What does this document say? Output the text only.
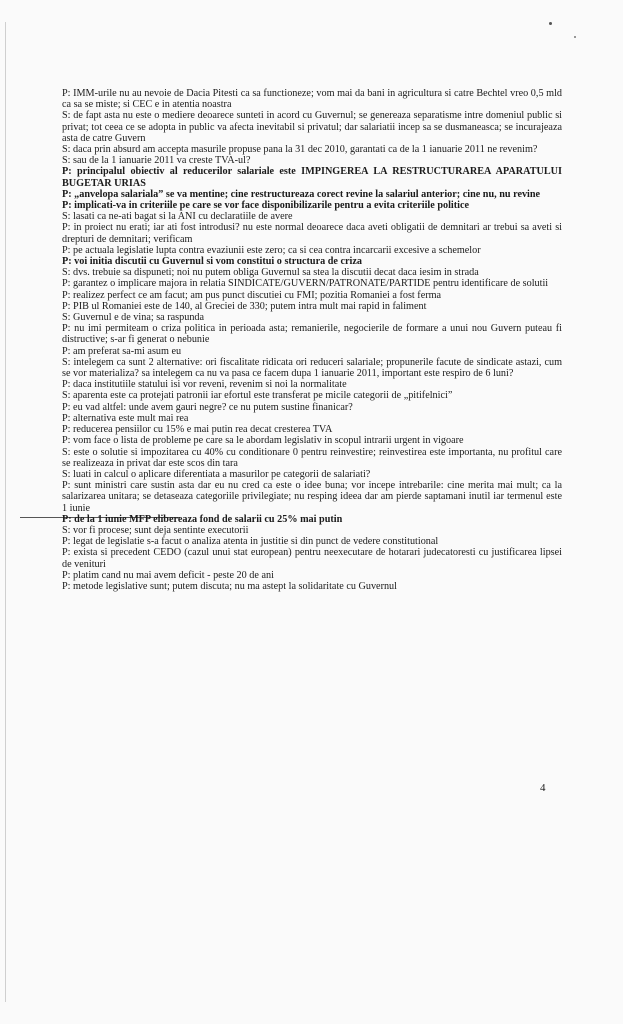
P: IMM-urile nu au nevoie de Dacia Pitesti ca sa functioneze; vom mai da bani in agricultura si catre Bechtel vreo 0,5 mld ca sa se miste; si CEC e in atentia noastra
S: de fapt asta nu este o mediere deoarece sunteti in acord cu Guvernul; se genereaza separatisme intre domeniul public si privat; tot ceea ce se adopta in public va afecta inevitabil si privatul; dar salariatii incep sa se dusmaneasca; se incurajeaza asta de catre Guvern
S: daca prin absurd am accepta masurile propuse pana la 31 dec 2010, garantati ca de la 1 ianuarie 2011 ne revenim?
S: sau de la 1 ianuarie 2011 va creste TVA-ul?
P: principalul obiectiv al reducerilor salariale este IMPINGEREA LA RESTRUCTURAREA APARATULUI BUGETAR URIAS
P: „anvelopa salariala” se va mentine; cine restructureaza corect revine la salariul anterior; cine nu, nu revine
P: implicati-va in criteriile pe care se vor face disponibilizarile pentru a evita criteriile politice
S: lasati ca ne-ati bagat si la ANI cu declaratiile de avere
P: in proiect nu erati; iar ati fost introdusi? nu este normal deoarece daca aveti obligatii de demnitari ar trebui sa aveti si drepturi de demnitari; verificam
P: pe actuala legislatie lupta contra evaziunii este zero; ca si cea contra incarcarii excesive a schemelor
P: voi initia discutii cu Guvernul si vom constitui o structura de criza
S: dvs. trebuie sa dispuneti; noi nu putem obliga Guvernul sa stea la discutii decat daca iesim in strada
P: garantez o implicare majora in relatia SINDICATE/GUVERN/PATRONATE/PARTIDE pentru identificare de solutii
P: realizez perfect ce am facut; am pus punct discutiei cu FMI; pozitia Romaniei a fost ferma
P: PIB ul Romaniei este de 140, al Greciei de 330; putem intra mult mai rapid in faliment
S: Guvernul e de vina; sa raspunda
P: nu imi permiteam o criza politica in perioada asta; remanierile, negocierile de formare a unui nou Guvern puteau fi distructive; s-ar fi generat o nebunie
P: am preferat sa-mi asum eu
S: intelegem ca sunt 2 alternative: ori fiscalitate ridicata ori reduceri salariale; propunerile facute de sindicate astazi, cum se vor materializa? sa intelegem ca nu va pasa ce facem dupa 1 ianuarie 2011, important este respiro de 6 luni?
P: daca institutiile statului isi vor reveni, revenim si noi la normalitate
S: aparenta este ca protejati patronii iar efortul este transferat pe micile categorii de „pitifelnici”
P: eu vad altfel: unde avem gauri negre? ce nu putem sustine finanicar?
P: alternativa este mult mai rea
P: reducerea pensiilor cu 15% e mai putin rea decat cresterea TVA
P: vom face o lista de probleme pe care sa le abordam legislativ in scopul intrarii urgent in vigoare
S: este o solutie si impozitarea cu 40% cu conditionare 0 pentru reinvestire; reinvestirea este importanta, nu profitul care se realizeaza in privat dar este scos din tara
S: luati in calcul o aplicare diferentiata a masurilor pe categorii de salariati?
P: sunt ministri care sustin asta dar eu nu cred ca este o idee buna; vor incepe intrebarile: cine merita mai mult; ca la salarizarea unitara; se detaseaza categoriile privilegiate; nu resping ideea dar am pierde saptamani inutil iar termenul este 1 iunie
P: de la 1 iunie MFP elibereaza fond de salarii cu 25% mai putin
S: vor fi procese; sunt deja sentinte executorii
P: legat de legislatie s-a facut o analiza atenta in justitie si din punct de vedere constitutional
P: exista si precedent CEDO (cazul unui stat european) pentru neexecutare de hotarari judecatoresti cu justificarea lipsei de venituri
P: platim cand nu mai avem deficit - peste 20 de ani
P: metode legislative sunt; putem discuta; nu ma astept la solidaritate cu Guvernul
4
